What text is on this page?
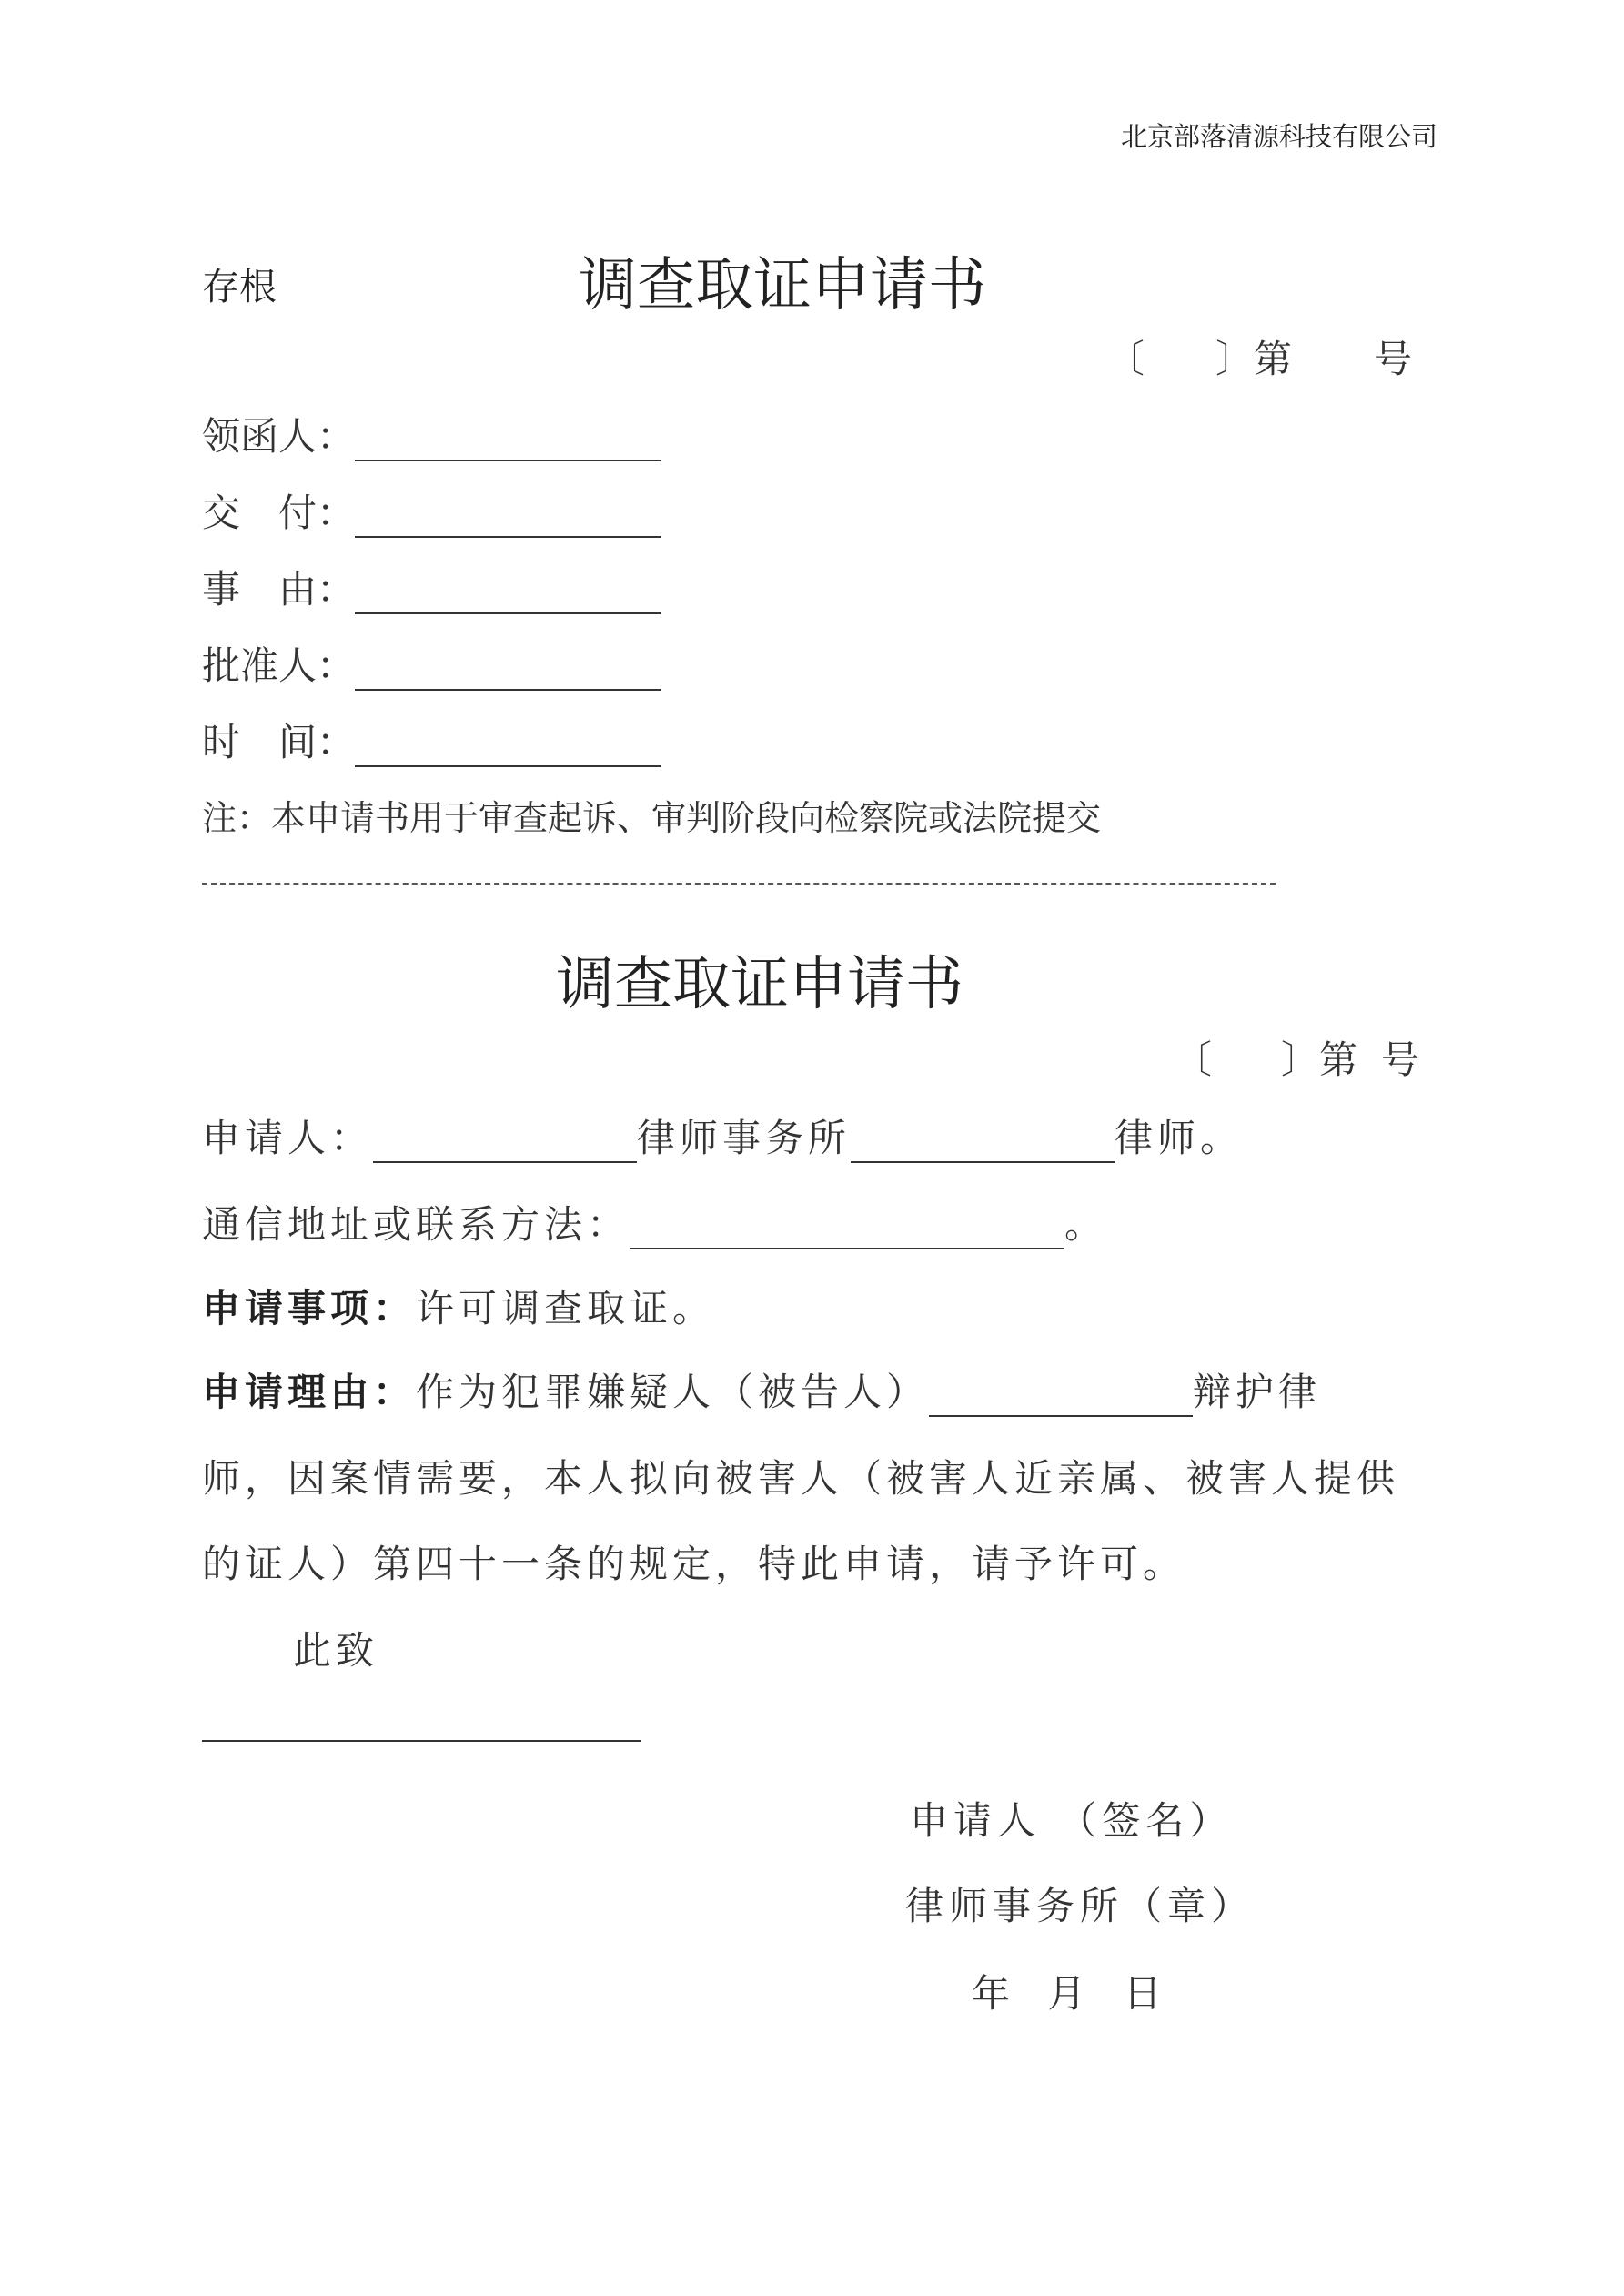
北京部落清源科技有限公司
存根	调查取证申请书
〔 〕第 号
领函人：
交　付：
事　由：
批准人：
时　间：
注：本申请书用于审查起诉、审判阶段向检察院或法院提交
调查取证申请书
〔 〕第 号
申请人：	律师事务所	律师。
通信地址或联系方法：	。
申请事项： 许可调查取证。
申请理由： 作为犯罪嫌疑人（被告人）	辩护律
师，因案情需要，本人拟向被害人（被害人近亲属、被害人提供
的证人）第四十一条的规定，特此申请，请予许可。
此致
申请人 （签名）
律师事务所（章）
年 月 日
